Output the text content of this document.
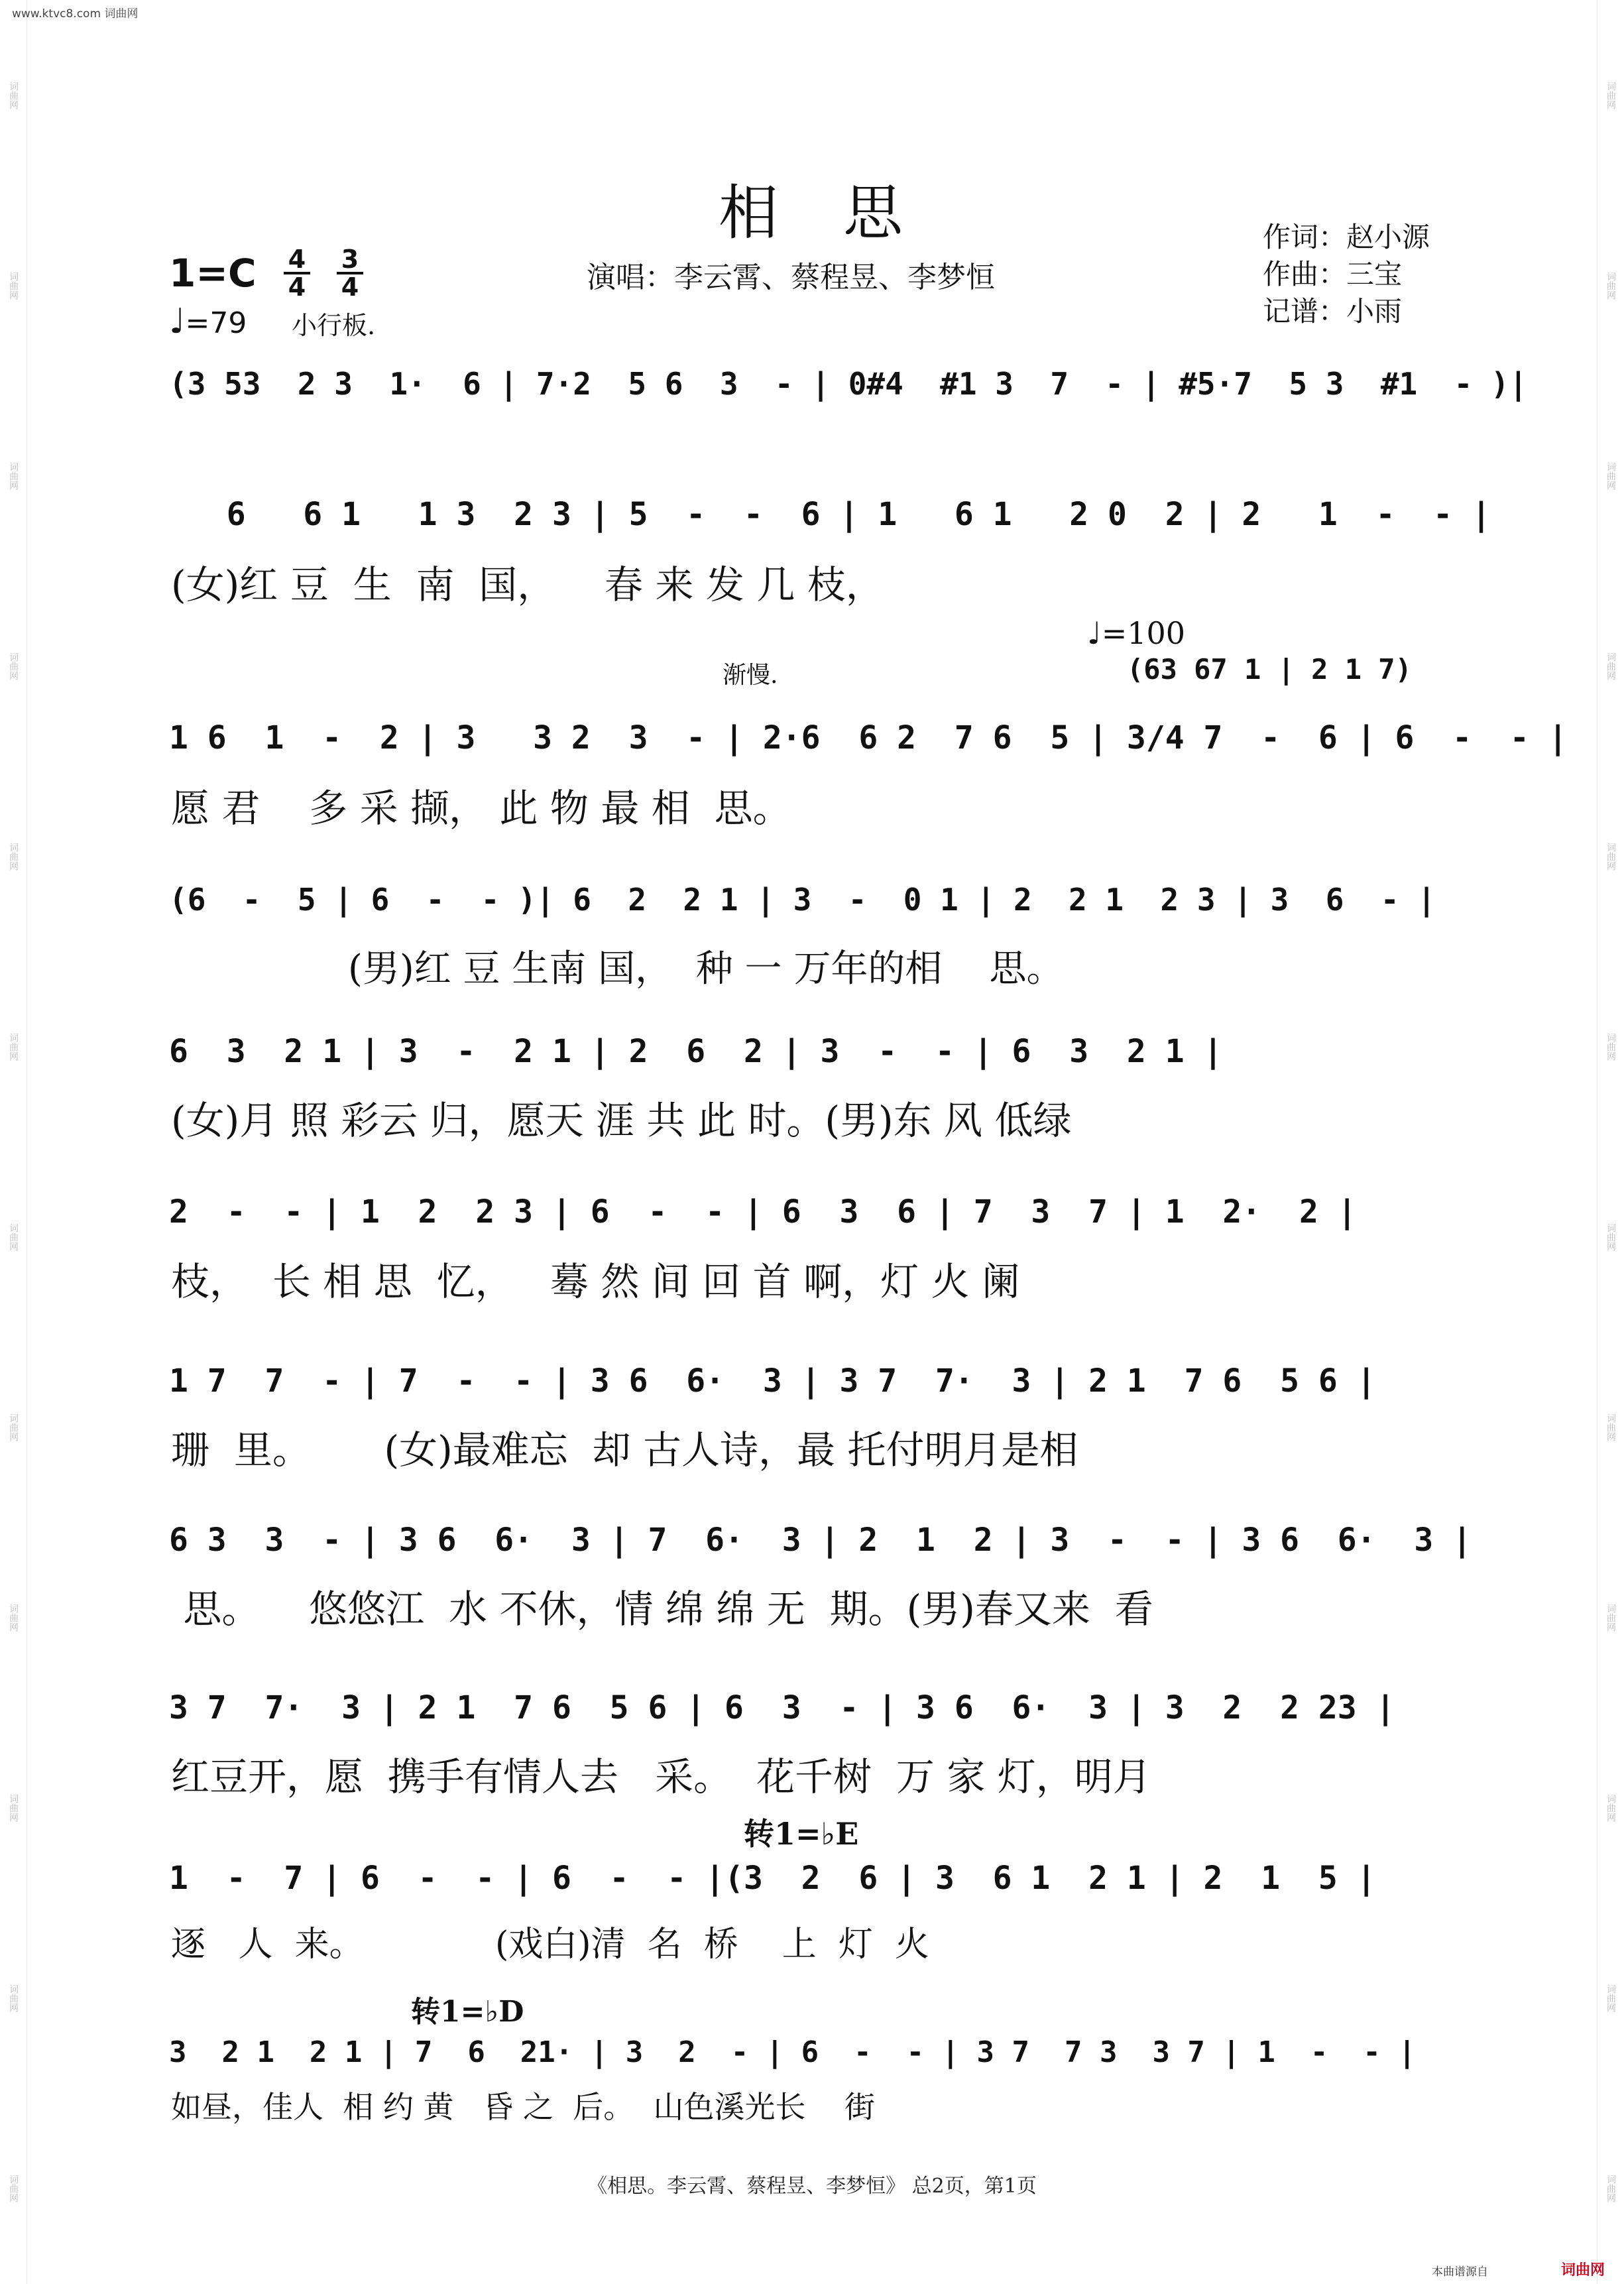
词曲网
词曲网
词曲网
词曲网
词曲网
词曲网
词曲网
词曲网
词曲网
词曲网
词曲网
词曲网
词曲网
词曲网
词曲网
词曲网
词曲网
词曲网
词曲网
词曲网
词曲网
词曲网
词曲网
词曲网
www.ktvc8.com 词曲网
相　思	作词：赵小源
作曲：三宝
记谱：小雨
演唱：李云霄、蔡程昱、李梦恒
$1=C \frac{4}{4} \frac{3}{4}$
♩=79 小行板.
(3 53  2 3  1·  6 | 7·2  5 6  3  - | 0#4  #1 3  7  - | #5·7  5 3  #1  - )|
6   6 1   1 3  2 3 | 5  -  -  6 | 1   6 1   2 0  2 | 2   1  -  - |
(女)红 豆  生  南  国，    春 来 发 几 枝，
渐慢.
♩=100
(63 67 1 | 2 1 7)
1 6  1  -  2 | 3   3 2  3  - | 2·6  6 2  7 6  5 | 3/4 7  -  6 | 6  -  - |
愿 君    多 采 撷， 此 物 最 相  思。
(6  -  5 | 6  -  - )| 6  2  2 1 | 3  -  0 1 | 2  2 1  2 3 | 3  6  - |
(男)红 豆 生南 国，  种 一 万年的相    思。
6  3  2 1 | 3  -  2 1 | 2  6  2 | 3  -  - | 6  3  2 1 |
(女)月 照 彩云 归，愿天 涯 共 此 时。(男)东 风 低绿
2  -  - | 1  2  2 3 | 6  -  - | 6  3  6 | 7  3  7 | 1  2·  2 |
枝，  长 相 思  忆，   蓦 然 间 回 首 啊，灯 火 阑
1 7  7  - | 7  -  - | 3 6  6·  3 | 3 7  7·  3 | 2 1  7 6  5 6 |
珊  里。      (女)最难忘  却 古人诗，最 托付明月是相
6 3  3  - | 3 6  6·  3 | 7  6·  3 | 2  1  2 | 3  -  - | 3 6  6·  3 |
思。    悠悠江  水 不休，情 绵 绵 无  期。(男)春又来  看
3 7  7·  3 | 2 1  7 6  5 6 | 6  3  - | 3 6  6·  3 | 3  2  2 23 |
红豆开，愿  携手有情人去   采。  花千树  万 家 灯，明月
转1=♭E
1  -  7 | 6  -  - | 6  -  - |(3  2  6 | 3  6 1  2 1 | 2  1  5 |
逐   人  来。            (戏白)清  名  桥    上  灯  火
转1=♭D
3  2 1  2 1 | 7  6  21· | 3  2  - | 6  -  - | 3 7  7 3  3 7 | 1  -  - |
如昼，佳人  相 约 黄   昏 之  后。  山色溪光长    街
《相思。李云霄、蔡程昱、李梦恒》 总2页，第1页
本曲谱源自	词曲网
